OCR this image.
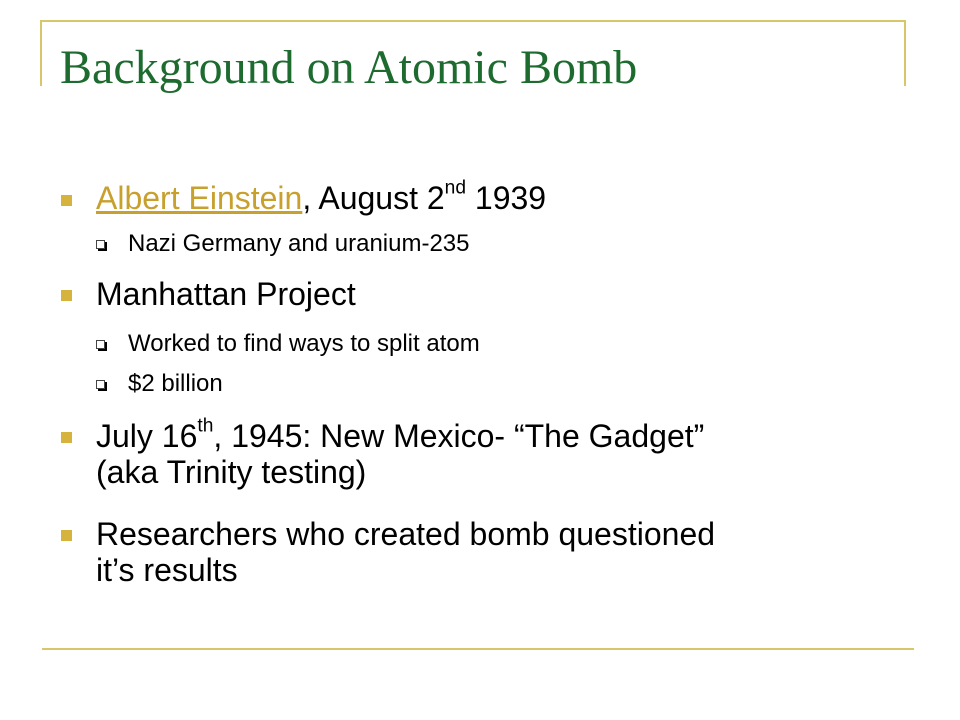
Background on Atomic Bomb
Albert Einstein, August 2nd 1939
Nazi Germany and uranium-235
Manhattan Project
Worked to find ways to split atom
$2 billion
July 16th, 1945: New Mexico- “The Gadget”
(aka Trinity testing)
Researchers who created bomb questioned
it’s results
